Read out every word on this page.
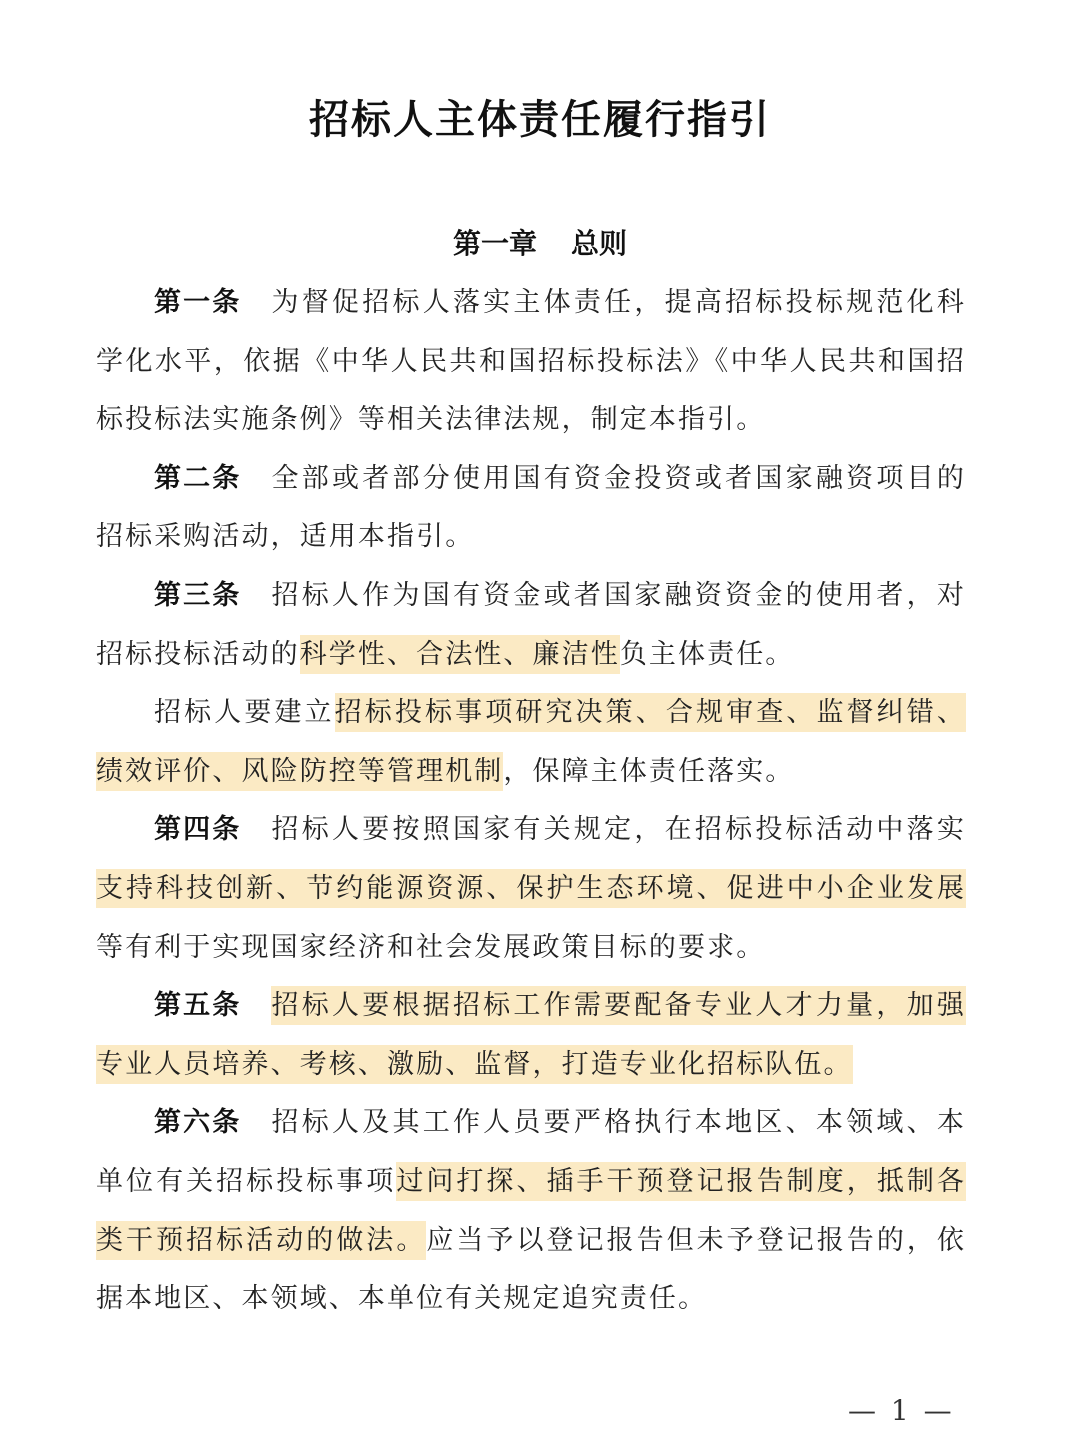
招标人主体责任履行指引
第一章 总则

第一条 为督促招标人落实主体责任，提高招标投标规范化科学化水平，依据《中华人民共和国招标投标法》《中华人民共和国招标投标法实施条例》等相关法律法规，制定本指引。

第二条 全部或者部分使用国有资金投资或者国家融资项目的招标采购活动，适用本指引。

第三条 招标人作为国有资金或者国家融资资金的使用者，对招标投标活动的科学性、合法性、廉洁性负主体责任。

招标人要建立招标投标事项研究决策、合规审查、监督纠错、绩效评价、风险防控等管理机制，保障主体责任落实。

第四条 招标人要按照国家有关规定，在招标投标活动中落实支持科技创新、节约能源资源、保护生态环境、促进中小企业发展等有利于实现国家经济和社会发展政策目标的要求。

第五条 招标人要根据招标工作需要配备专业人才力量，加强专业人员培养、考核、激励、监督，打造专业化招标队伍。

第六条 招标人及其工作人员要严格执行本地区、本领域、本单位有关招标投标事项过问打探、插手干预登记报告制度，抵制各类干预招标活动的做法。应当予以登记报告但未予登记报告的，依据本地区、本领域、本单位有关规定追究责任。

— 1 —
